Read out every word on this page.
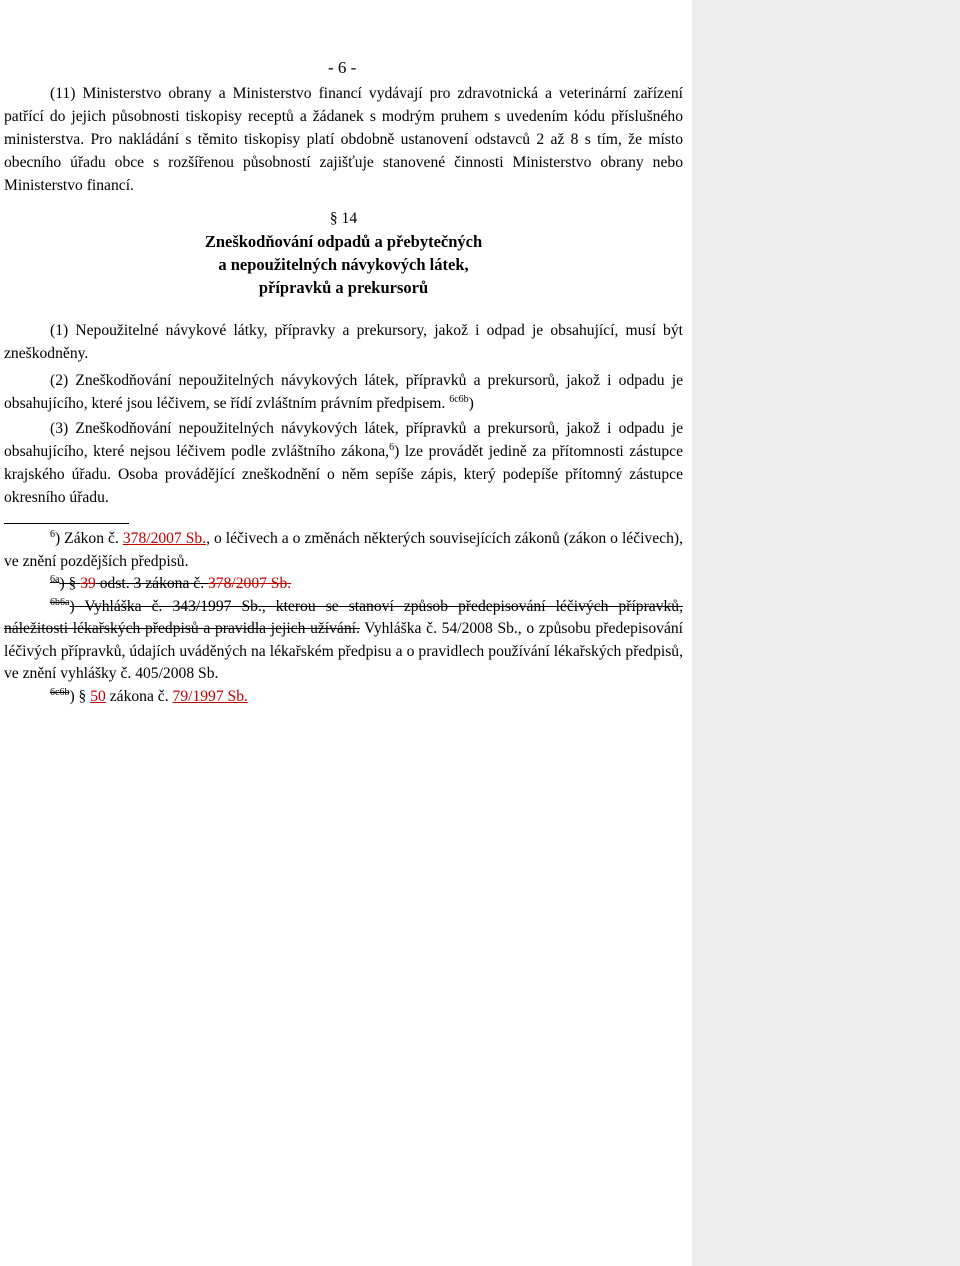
- 6 -

(11) Ministerstvo obrany a Ministerstvo financí vydávají pro zdravotnická a veterinární zařízení patřící do jejich působnosti tiskopisy receptů a žádanek s modrým pruhem s uvedením kódu příslušného ministerstva. Pro nakládání s těmito tiskopisy platí obdobně ustanovení odstavců 2 až 8 s tím, že místo obecního úřadu obce s rozšířenou působností zajišťuje stanovené činnosti Ministerstvo obrany nebo Ministerstvo financí.

§ 14
Zneškodňování odpadů a přebytečných
a nepoužitelných návykových látek,
přípravků a prekursorů

(1) Nepoužitelné návykové látky, přípravky a prekursory, jakož i odpad je obsahující, musí být zneškodněny.

(2) Zneškodňování nepoužitelných návykových látek, přípravků a prekursorů, jakož i odpadu je obsahujícího, které jsou léčivem, se řídí zvláštním právním předpisem. $^{6c6b}$)

(3) Zneškodňování nepoužitelných návykových látek, přípravků a prekursorů, jakož i odpadu je obsahujícího, které nejsou léčivem podle zvláštního zákona,$^6$) lze provádět jedině za přítomnosti zástupce krajského úřadu. Osoba provádějící zneškodnění o něm sepíše zápis, který podepíše přítomný zástupce okresního úřadu.

$^6$) Zákon č. 378/2007 Sb., o léčivech a o změnách některých souvisejících zákonů (zákon o léčivech), ve znění pozdějších předpisů.

$^{6a}$) § 39 odst. 3 zákona č. 378/2007 Sb.

$^{6b6a}$) Vyhláška č. 343/1997 Sb., kterou se stanoví způsob předepisování léčivých přípravků, náležitosti lékařských předpisů a pravidla jejich užívání. Vyhláška č. 54/2008 Sb., o způsobu předepisování léčivých přípravků, údajích uváděných na lékařském předpisu a o pravidlech používání lékařských předpisů, ve znění vyhlášky č. 405/2008 Sb.

$^{6c6b}$) § 50 zákona č. 79/1997 Sb.
